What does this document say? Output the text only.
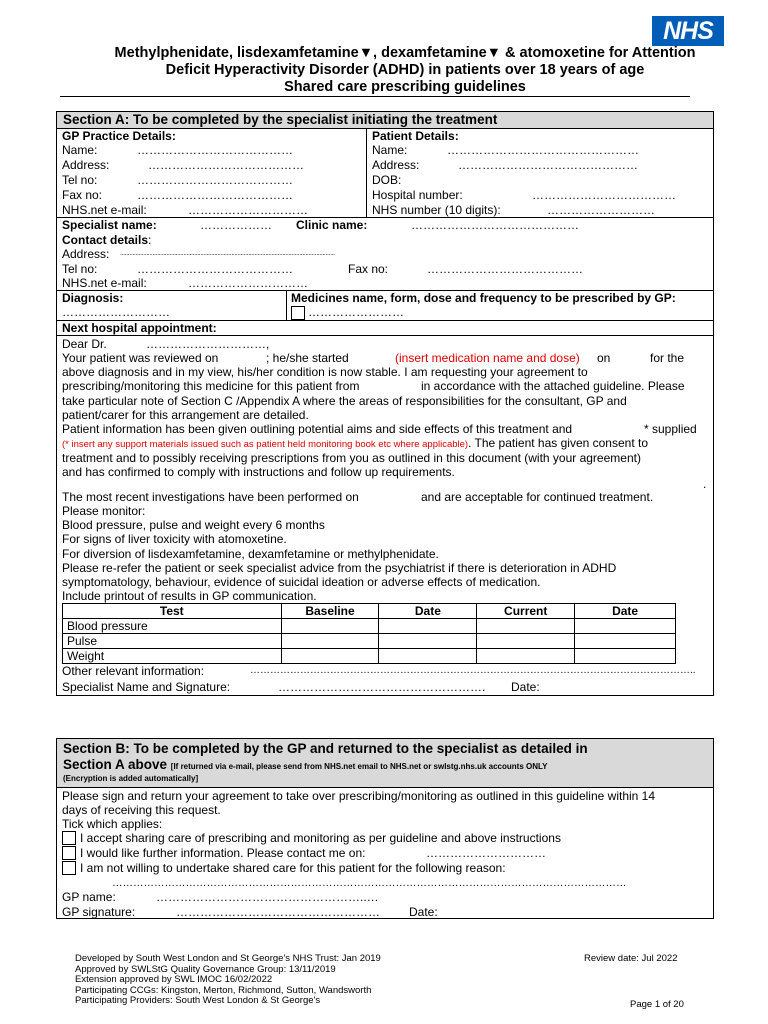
NHS
Methylphenidate, lisdexamfetamine▼, dexamfetamine▼ & atomoxetine for Attention
Deficit Hyperactivity Disorder (ADHD) in patients over 18 years of age
Shared care prescribing guidelines
Section A: To be completed by the specialist initiating the treatment
GP Practice Details:
Name:	…………………………………
Address:	…………………………………
Tel no:	…………………………………
Fax no:	…………………………………
NHS.net e-mail:	…………………………
Patient Details:
Name:	…………………………………………
Address:	………………………………………
DOB:
Hospital number:	………………………………
NHS number (10 digits):	………………………
Specialist name:	……………… Clinic name:	……………………………………
Contact details:
Address: ...........................................................................................................................................
Tel no:	…………………………………	Fax no:	…………………………………
NHS.net e-mail:	…………………………
Diagnosis:
………………………
Medicines name, form, dose and frequency to be prescribed by GP:
……………………
Next hospital appointment:
Dear Dr.	…………………………,
Your patient was reviewed on	; he/she started	(insert medication name and dose) on	for the
above diagnosis and in my view, his/her condition is now stable. I am requesting your agreement to
prescribing/monitoring this medicine for this patient from	in accordance with the attached guideline. Please
take particular note of Section C /Appendix A where the areas of responsibilities for the consultant, GP and
patient/carer for this arrangement are detailed.
Patient information has been given outlining potential aims and side effects of this treatment and	* supplied
(* insert any support materials issued such as patient held monitoring book etc where applicable). The patient has given consent to
treatment and to possibly receiving prescriptions from you as outlined in this document (with your agreement)
and has confirmed to comply with instructions and follow up requirements.
.
The most recent investigations have been performed on	and are acceptable for continued treatment.
Please monitor:
Blood pressure, pulse and weight every 6 months
For signs of liver toxicity with atomoxetine.
For diversion of lisdexamfetamine, dexamfetamine or methylphenidate.
Please re-refer the patient or seek specialist advice from the psychiatrist if there is deterioration in ADHD
symptomatology, behaviour, evidence of suicidal ideation or adverse effects of medication.
Include printout of results in GP communication.
Test	Baseline	Date	Current	Date
Blood pressure				
Pulse				
Weight				
Other relevant information:	……………………………………………………………………………………………………………………..
Specialist Name and Signature:	……………………………………………. Date:
Section B: To be completed by the GP and returned to the specialist as detailed in
Section A above [If returned via e-mail, please send from NHS.net email to NHS.net or swlstg.nhs.uk accounts ONLY
(Encryption is added automatically]
Please sign and return your agreement to take over prescribing/monitoring as outlined in this guideline within 14
days of receiving this request.
Tick which applies:
I accept sharing care of prescribing and monitoring as per guideline and above instructions
I would like further information. Please contact me on:	…………………………
I am not willing to undertake shared care for this patient for the following reason:
…………………………………………………………………………………………………………………………………
GP name:	……………………………………………..…
GP signature:	…………………………………………… Date:
Developed by South West London and St George's NHS Trust: Jan 2019
Approved by SWLStG Quality Governance Group: 13/11/2019
Extension approved by SWL IMOC 16/02/2022
Participating CCGs: Kingston, Merton, Richmond, Sutton, Wandsworth
Participating Providers: South West London & St George's
Review date: Jul 2022
Page 1 of 20
